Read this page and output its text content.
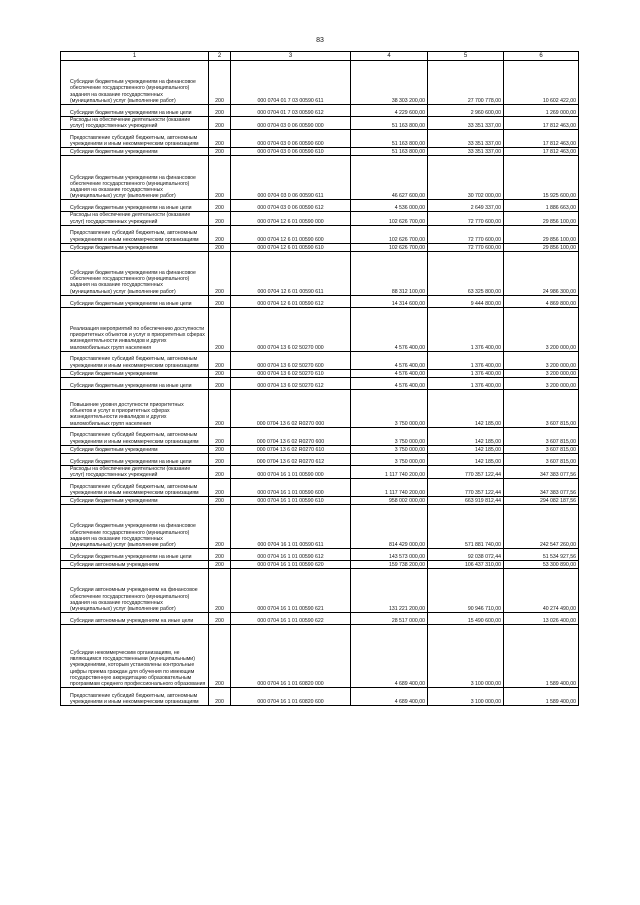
83
1	2	3	4	5	6

Субсидии бюджетным учреждениям на финансовое обеспечение государственного (муниципального) задания на оказание государственных (муниципальных) услуг (выполнение работ)	200	000 0704 01 7 03 00590 611	38 303 200,00	27 700 778,00	10 602 422,00

Субсидии бюджетным учреждениям на иные цели	200	000 0704 01 7 03 00590 612	4 229 600,00	2 960 600,00	1 269 000,00

Расходы на обеспечение деятельности (оказание услуг) государственных учреждений	200	000 0704 03 0 06 00590 000	51 163 800,00	33 351 337,00	17 812 463,00

Предоставление субсидий бюджетным, автономным учреждениям и иным некоммерческим организациям	200	000 0704 03 0 06 00590 600	51 163 800,00	33 351 337,00	17 812 463,00

Субсидии бюджетным учреждениям	200	000 0704 03 0 06 00590 610	51 163 800,00	33 351 337,00	17 812 463,00

Субсидии бюджетным учреждениям на финансовое обеспечение государственного (муниципального) задания на оказание государственных (муниципальных) услуг (выполнение работ)	200	000 0704 03 0 06 00590 611	46 627 600,00	30 702 000,00	15 925 600,00

Субсидии бюджетным учреждениям на иные цели	200	000 0704 03 0 06 00590 612	4 536 000,00	2 649 337,00	1 886 663,00

Расходы на обеспечение деятельности (оказание услуг) государственных учреждений	200	000 0704 12 6 01 00590 000	102 626 700,00	72 770 600,00	29 856 100,00

Предоставление субсидий бюджетным, автономным учреждениям и иным некоммерческим организациям	200	000 0704 12 6 01 00590 600	102 626 700,00	72 770 600,00	29 856 100,00

Субсидии бюджетным учреждениям	200	000 0704 12 6 01 00590 610	102 626 700,00	72 770 600,00	29 856 100,00

Субсидии бюджетным учреждениям на финансовое обеспечение государственного (муниципального) задания на оказание государственных (муниципальных) услуг (выполнение работ)	200	000 0704 12 6 01 00590 611	88 312 100,00	63 325 800,00	24 986 300,00

Субсидии бюджетным учреждениям на иные цели	200	000 0704 12 6 01 00590 612	14 314 600,00	9 444 800,00	4 869 800,00

Реализация мероприятий по обеспечению доступности приоритетных объектов и услуг в приоритетных сферах жизнедеятельности инвалидов и других маломобильных групп населения	200	000 0704 13 6 02 50270 000	4 576 400,00	1 376 400,00	3 200 000,00

Предоставление субсидий бюджетным, автономным учреждениям и иным некоммерческим организациям	200	000 0704 13 6 02 50270 600	4 576 400,00	1 376 400,00	3 200 000,00

Субсидии бюджетным учреждениям	200	000 0704 13 6 02 50270 610	4 576 400,00	1 376 400,00	3 200 000,00

Субсидии бюджетным учреждениям на иные цели	200	000 0704 13 6 02 50270 612	4 576 400,00	1 376 400,00	3 200 000,00

Повышение уровня доступности приоритетных объектов и услуг в приоритетных сферах жизнедеятельности инвалидов и других маломобильных групп населения	200	000 0704 13 6 02 R0270 000	3 750 000,00	142 185,00	3 607 815,00

Предоставление субсидий бюджетным, автономным учреждениям и иным некоммерческим организациям	200	000 0704 13 6 02 R0270 600	3 750 000,00	142 185,00	3 607 815,00

Субсидии бюджетным учреждениям	200	000 0704 13 6 02 R0270 610	3 750 000,00	142 185,00	3 607 815,00

Субсидии бюджетным учреждениям на иные цели	200	000 0704 13 6 02 R0270 612	3 750 000,00	142 185,00	3 607 815,00

Расходы на обеспечение деятельности (оказание услуг) государственных учреждений	200	000 0704 16 1 01 00590 000	1 117 740 200,00	770 357 122,44	347 383 077,56

Предоставление субсидий бюджетным, автономным учреждениям и иным некоммерческим организациям	200	000 0704 16 1 01 00590 600	1 117 740 200,00	770 357 122,44	347 383 077,56

Субсидии бюджетным учреждениям	200	000 0704 16 1 01 00590 610	958 002 000,00	663 919 812,44	294 082 187,56

Субсидии бюджетным учреждениям на финансовое обеспечение государственного (муниципального) задания на оказание государственных (муниципальных) услуг (выполнение работ)	200	000 0704 16 1 01 00590 611	814 429 000,00	571 881 740,00	242 547 260,00

Субсидии бюджетным учреждениям на иные цели	200	000 0704 16 1 01 00590 612	143 573 000,00	92 038 072,44	51 534 927,56

Субсидии автономным учреждениям	200	000 0704 16 1 01 00590 620	159 738 200,00	106 437 310,00	53 300 890,00

Субсидии автономным учреждениям на финансовое обеспечение государственного (муниципального) задания на оказание государственных (муниципальных) услуг (выполнение работ)	200	000 0704 16 1 01 00590 621	131 221 200,00	90 946 710,00	40 274 490,00

Субсидии автономным учреждениям на иные цели	200	000 0704 16 1 01 00590 622	28 517 000,00	15 490 600,00	13 026 400,00

Субсидии некоммерческим организациям, не являющимся государственными (муниципальными) учреждениями, которым установлены контрольные цифры приема граждан для обучения по имеющим государственную аккредитацию образовательным программам среднего профессионального образования	200	000 0704 16 1 01 60820 000	4 689 400,00	3 100 000,00	1 589 400,00

Предоставление субсидий бюджетным, автономным учреждениям и иным некоммерческим организациям	200	000 0704 16 1 01 60820 600	4 689 400,00	3 100 000,00	1 589 400,00
